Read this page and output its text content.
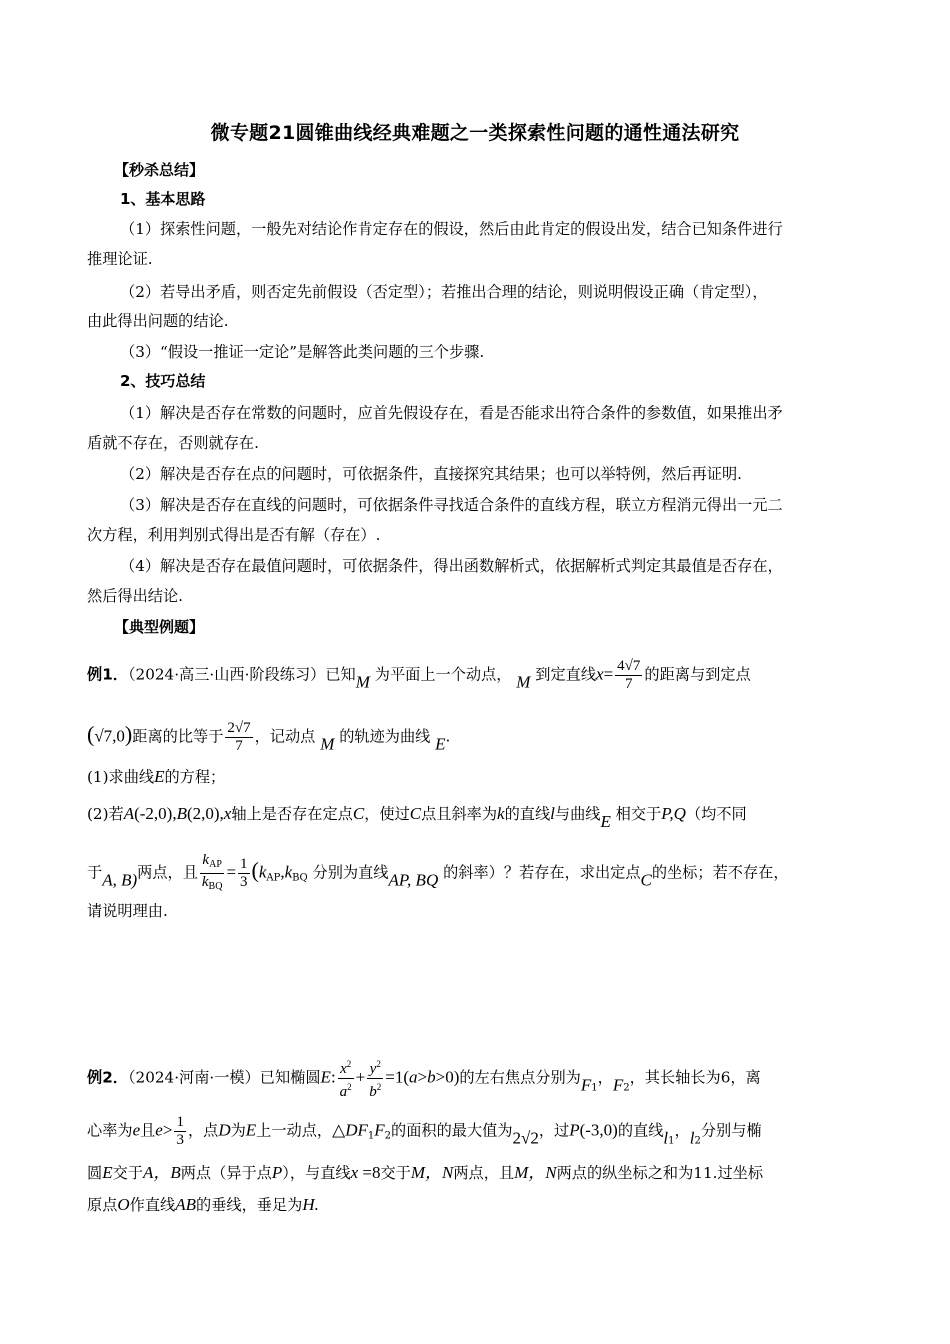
微专题21圆锥曲线经典难题之一类探索性问题的通性通法研究
【秒杀总结】
1、基本思路
（1）探索性问题，一般先对结论作肯定存在的假设，然后由此肯定的假设出发，结合已知条件进行
推理论证.
（2）若导出矛盾，则否定先前假设（否定型）；若推出合理的结论，则说明假设正确（肯定型），
由此得出问题的结论.
（3）“假设一推证一定论”是解答此类问题的三个步骤.
2、技巧总结
（1）解决是否存在常数的问题时，应首先假设存在，看是否能求出符合条件的参数值，如果推出矛
盾就不存在，否则就存在.
（2）解决是否存在点的问题时，可依据条件，直接探究其结果；也可以举特例，然后再证明.
（3）解决是否存在直线的问题时，可依据条件寻找适合条件的直线方程，联立方程消元得出一元二
次方程，利用判别式得出是否有解（存在）.
（4）解决是否存在最值问题时，可依据条件，得出函数解析式，依据解析式判定其最值是否存在，
然后得出结论.
【典型例题】
例1．（2024·高三·山西·阶段练习）已知M 为平面上一个动点， M 到定直线$x= \frac{4√7}{7}$ 的距离与到定点
(√7,0)距离的比等于 $\frac{2√7}{7}$ ，记动点 M 的轨迹为曲线 E.
(1)求曲线E的方程；
(2)若A(-2,0),B(2,0),x轴上是否存在定点C，使过C点且斜率为k的直线l与曲线E 相交于P,Q（均不同
于A, B)两点，且 $\frac{k_{AP}}{k_{BQ}} = \frac{1}{3} (k_{AP},k_{BQ}$ 分别为直线AP, BQ 的斜率）？若存在，求出定点C的坐标；若不存在，
请说明理由.
例2．（2024·河南·一模）已知椭圆E: $\frac{x^2}{a^2} + \frac{y^2}{b^2} =1(a>b>0)$的左右焦点分别为$F_1$，$F_2$，其长轴长为6，离
心率为e且$e> \frac{1}{3}$ ，点D为E上一动点，$\triangle DF_1F_2$的面积的最大值为2√2，过P(-3,0)的直线$l_1$，$l_2$分别与椭
圆E交于A，B两点（异于点P），与直线x =8交于M，N两点，且M，N两点的纵坐标之和为11.过坐标
原点O作直线AB的垂线，垂足为H.
